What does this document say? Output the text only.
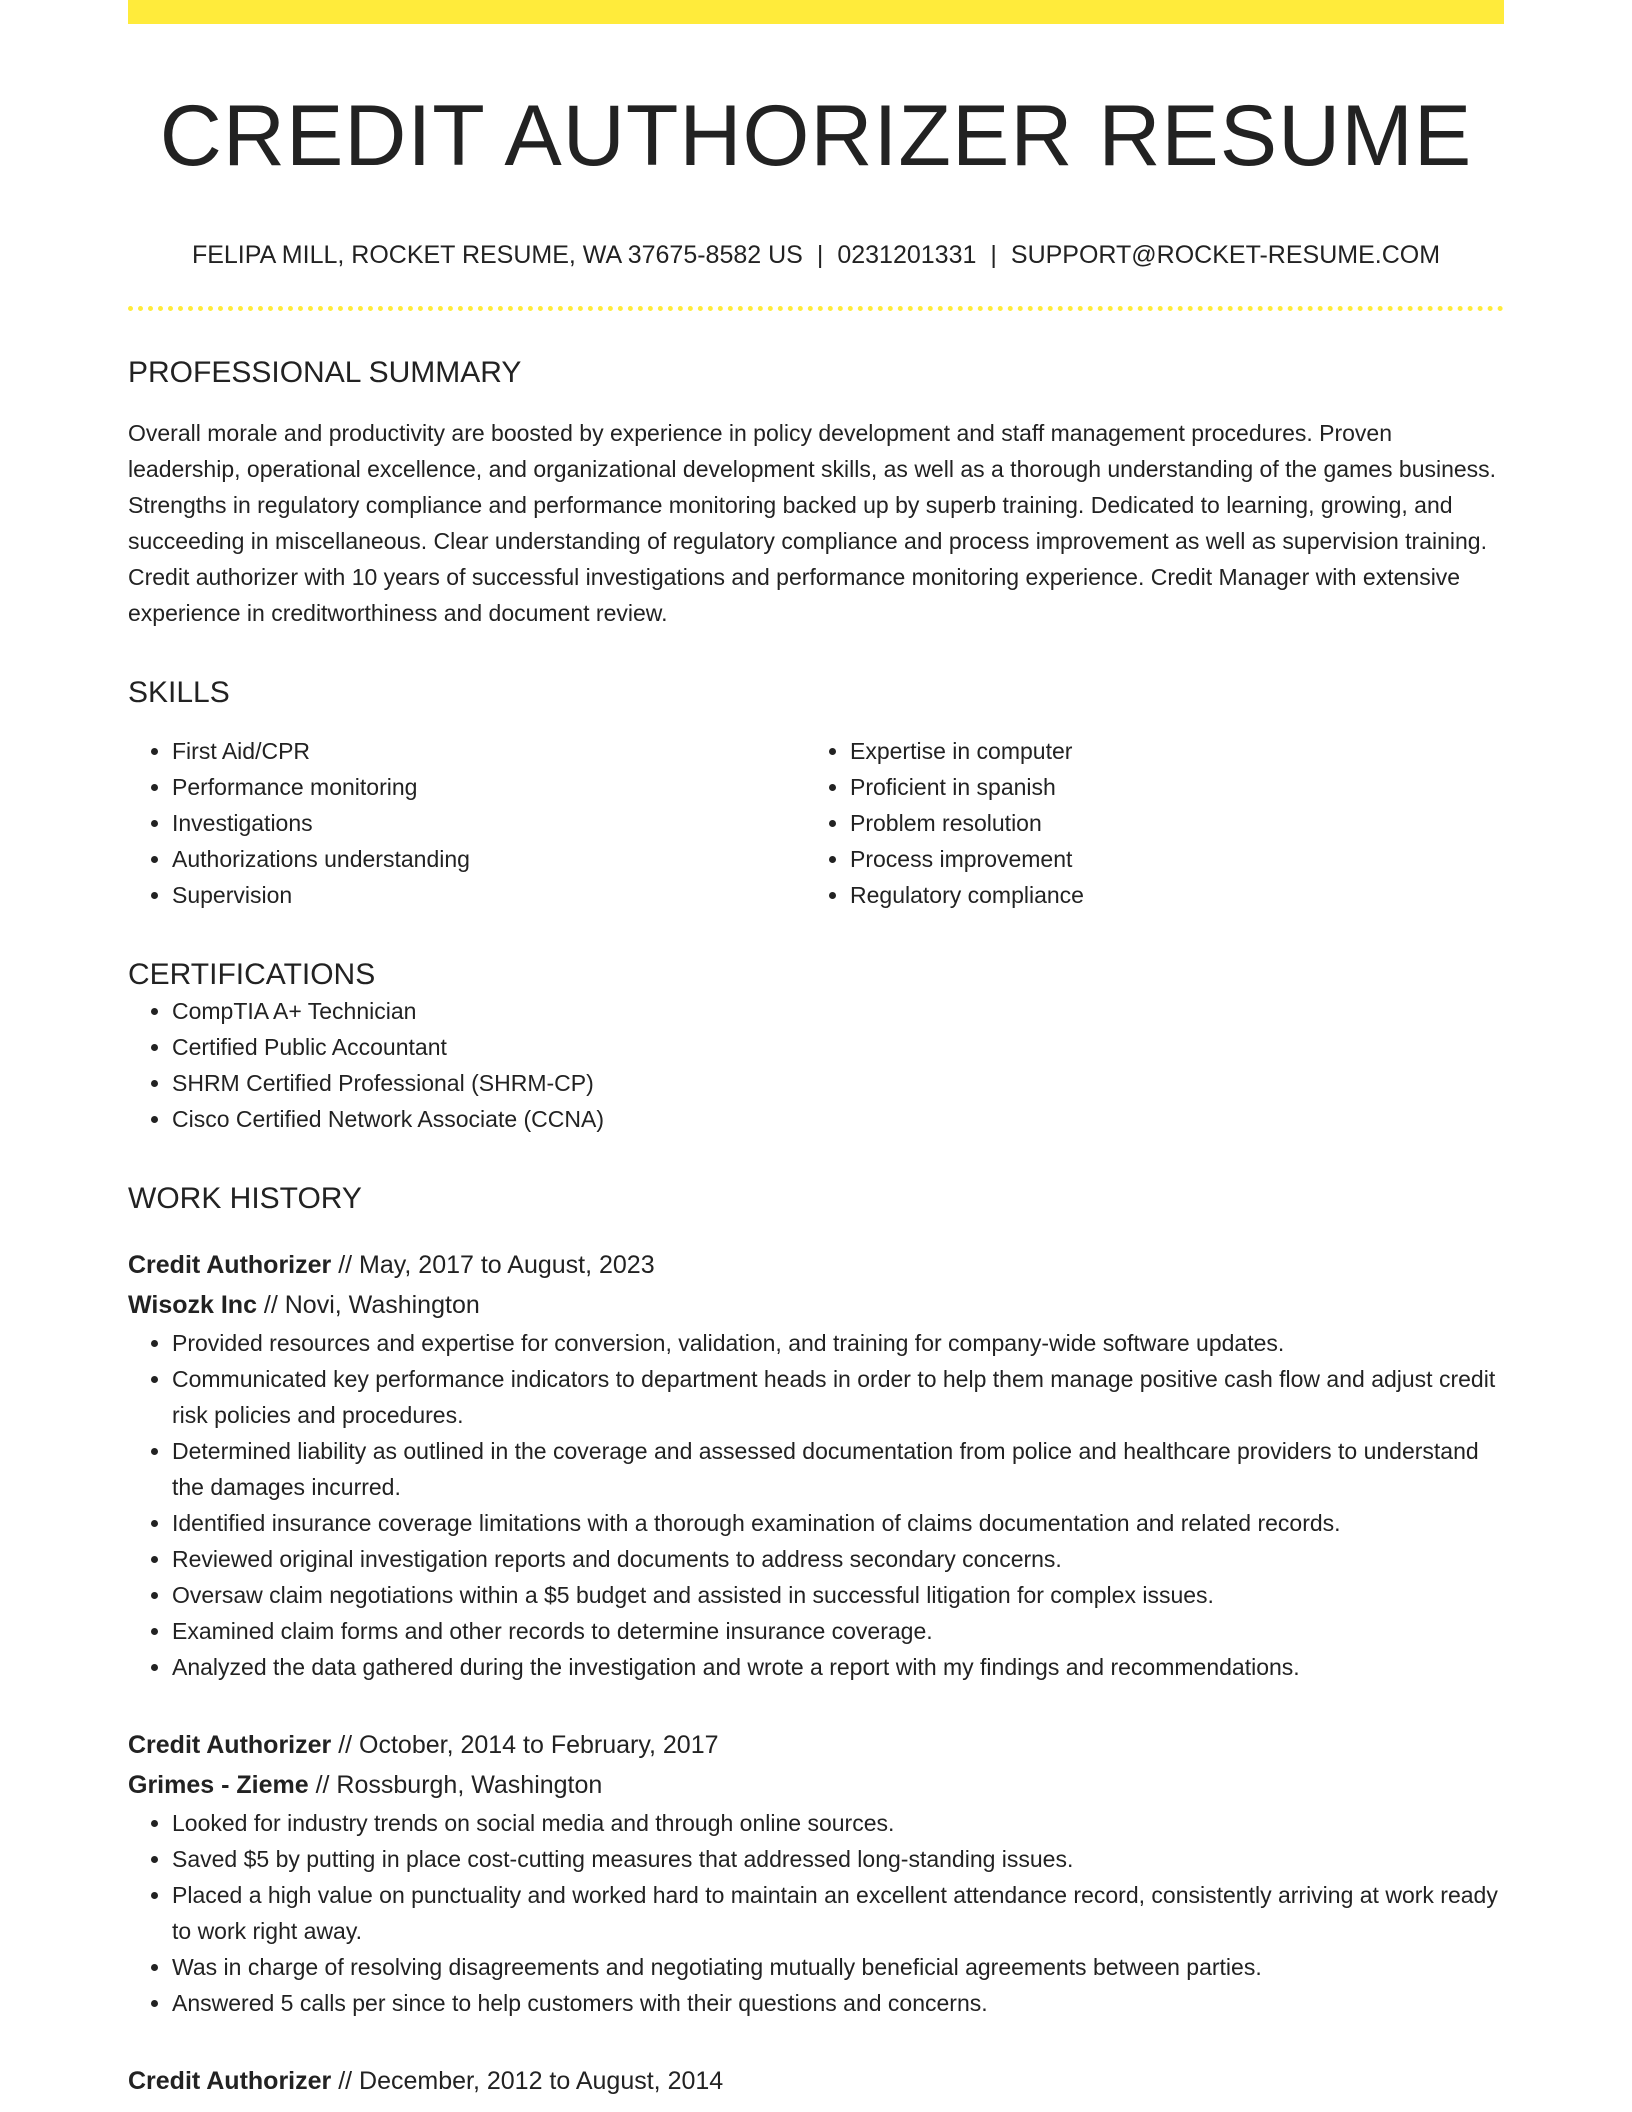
CREDIT AUTHORIZER RESUME
FELIPA MILL, ROCKET RESUME, WA 37675-8582 US | 0231201331 | SUPPORT@ROCKET-RESUME.COM
PROFESSIONAL SUMMARY

Overall morale and productivity are boosted by experience in policy development and staff management procedures. Proven leadership, operational excellence, and organizational development skills, as well as a thorough understanding of the games business. Strengths in regulatory compliance and performance monitoring backed up by superb training. Dedicated to learning, growing, and succeeding in miscellaneous. Clear understanding of regulatory compliance and process improvement as well as supervision training. Credit authorizer with 10 years of successful investigations and performance monitoring experience. Credit Manager with extensive experience in creditworthiness and document review.

SKILLS
• First Aid/CPR
• Performance monitoring
• Investigations
• Authorizations understanding
• Supervision
• Expertise in computer
• Proficient in spanish
• Problem resolution
• Process improvement
• Regulatory compliance
CERTIFICATIONS
• CompTIA A+ Technician
• Certified Public Accountant
• SHRM Certified Professional (SHRM-CP)
• Cisco Certified Network Associate (CCNA)
WORK HISTORY
Credit Authorizer // May, 2017 to August, 2023
Wisozk Inc // Novi, Washington
• Provided resources and expertise for conversion, validation, and training for company-wide software updates.
• Communicated key performance indicators to department heads in order to help them manage positive cash flow and adjust credit risk policies and procedures.
• Determined liability as outlined in the coverage and assessed documentation from police and healthcare providers to understand the damages incurred.
• Identified insurance coverage limitations with a thorough examination of claims documentation and related records.
• Reviewed original investigation reports and documents to address secondary concerns.
• Oversaw claim negotiations within a $5 budget and assisted in successful litigation for complex issues.
• Examined claim forms and other records to determine insurance coverage.
• Analyzed the data gathered during the investigation and wrote a report with my findings and recommendations.
Credit Authorizer // October, 2014 to February, 2017
Grimes - Zieme // Rossburgh, Washington
• Looked for industry trends on social media and through online sources.
• Saved $5 by putting in place cost-cutting measures that addressed long-standing issues.
• Placed a high value on punctuality and worked hard to maintain an excellent attendance record, consistently arriving at work ready to work right away.
• Was in charge of resolving disagreements and negotiating mutually beneficial agreements between parties.
• Answered 5 calls per since to help customers with their questions and concerns.
Credit Authorizer // December, 2012 to August, 2014
